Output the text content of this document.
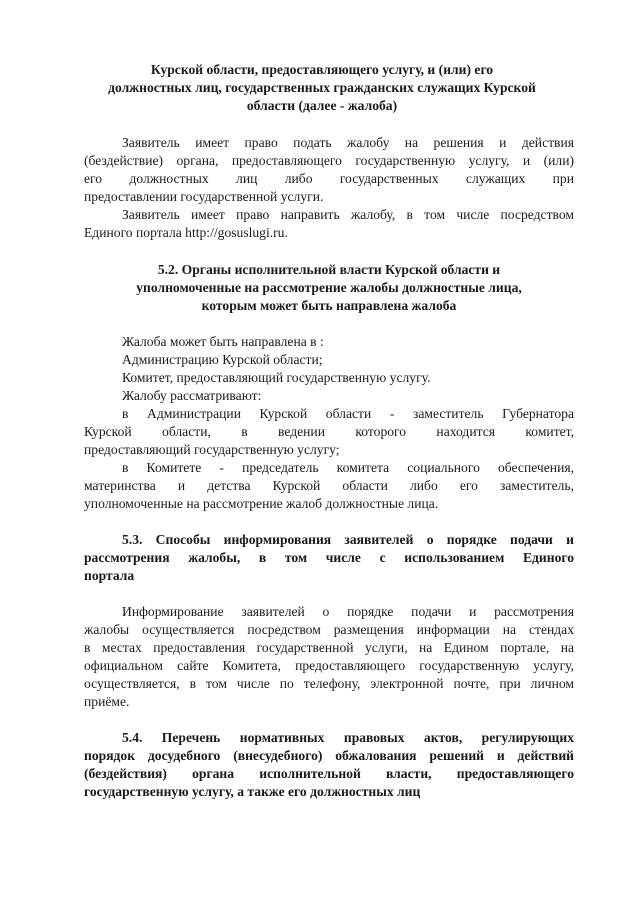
Курской области, предоставляющего услугу, и (или) его
должностных лиц, государственных гражданских служащих Курской
области (далее - жалоба)
Заявитель имеет право подать жалобу на решения и действия
(бездействие) органа, предоставляющего государственную услугу, и (или)
его должностных лиц либо государственных служащих при
предоставлении государственной услуги.
Заявитель имеет право направить жалобу, в том числе посредством
Единого портала http://gosuslugi.ru.
5.2. Органы исполнительной власти Курской области и
уполномоченные на рассмотрение жалобы должностные лица,
которым может быть направлена жалоба
Жалоба может быть направлена в :
Администрацию Курской области;
Комитет, предоставляющий государственную услугу.
Жалобу рассматривают:
в Администрации Курской области - заместитель Губернатора
Курской области, в ведении которого находится комитет,
предоставляющий государственную услугу;
в Комитете - председатель комитета социального обеспечения,
материнства и детства Курской области либо его заместитель,
уполномоченные на рассмотрение жалоб должностные лица.
5.3. Способы информирования заявителей о порядке подачи и
рассмотрения жалобы, в том числе с использованием Единого
портала
Информирование заявителей о порядке подачи и рассмотрения
жалобы осуществляется посредством размещения информации на стендах
в местах предоставления государственной услуги, на Едином портале, на
официальном сайте Комитета, предоставляющего государственную услугу,
осуществляется, в том числе по телефону, электронной почте, при личном
приёме.
5.4. Перечень нормативных правовых актов, регулирующих
порядок досудебного (внесудебного) обжалования решений и действий
(бездействия) органа исполнительной власти, предоставляющего
государственную услугу, а также его должностных лиц
